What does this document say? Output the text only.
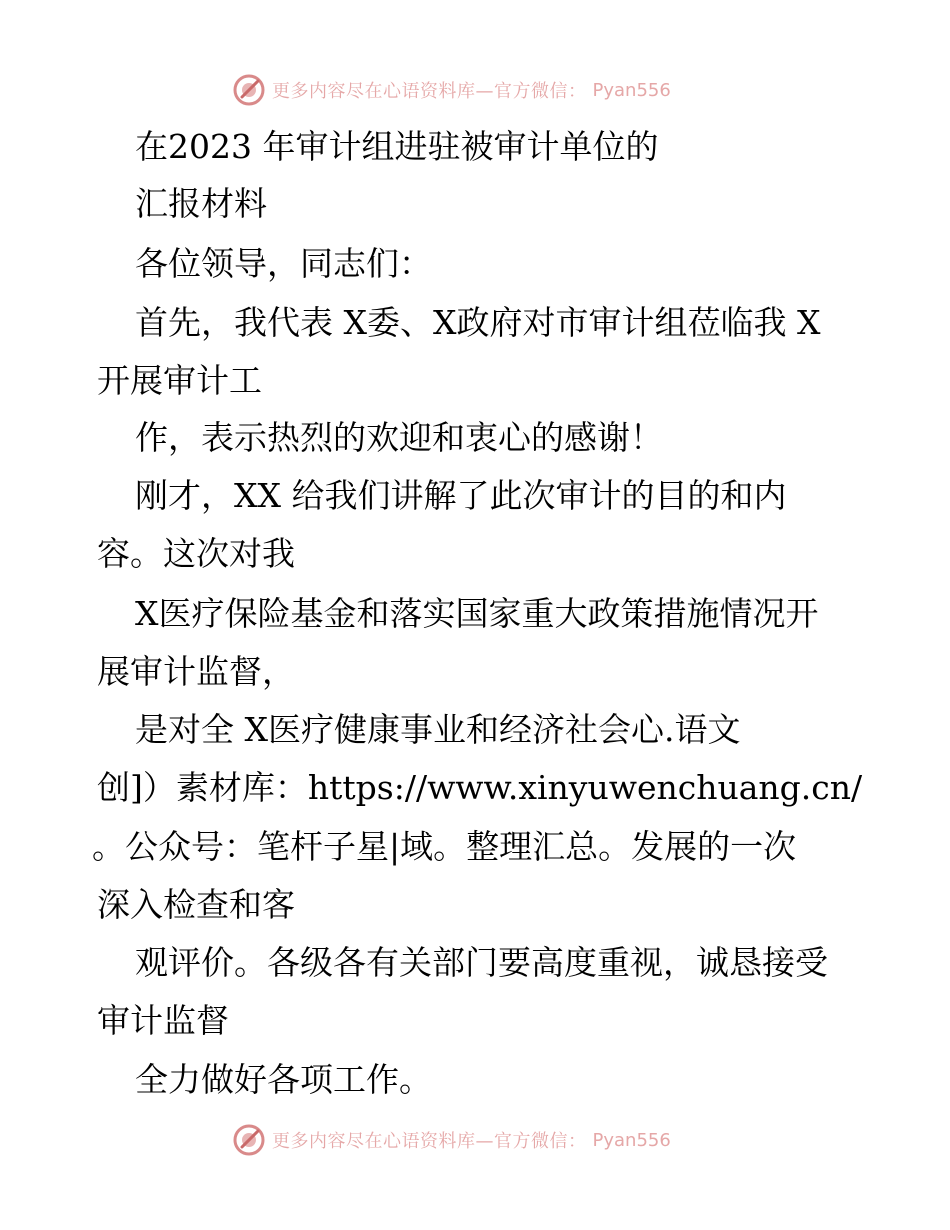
更多内容尽在心语资料库—官方微信： Pyan556
在2023 年审计组进驻被审计单位的
汇报材料
各位领导，同志们：
首先，我代表 X委、X政府对市审计组莅临我 X
开展审计工
作，表示热烈的欢迎和衷心的感谢！
刚才，XX 给我们讲解了此次审计的目的和内
容。这次对我
X医疗保险基金和落实国家重大政策措施情况开
展审计监督，
是对全 X医疗健康事业和经济社会心.语文
创]）素材库：https://www.xinyuwenchuang.cn/
。公众号：笔杆子星|域。整理汇总。发展的一次
深入检查和客
观评价。各级各有关部门要高度重视，诚恳接受
审计监督
全力做好各项工作。
更多内容尽在心语资料库—官方微信： Pyan556
